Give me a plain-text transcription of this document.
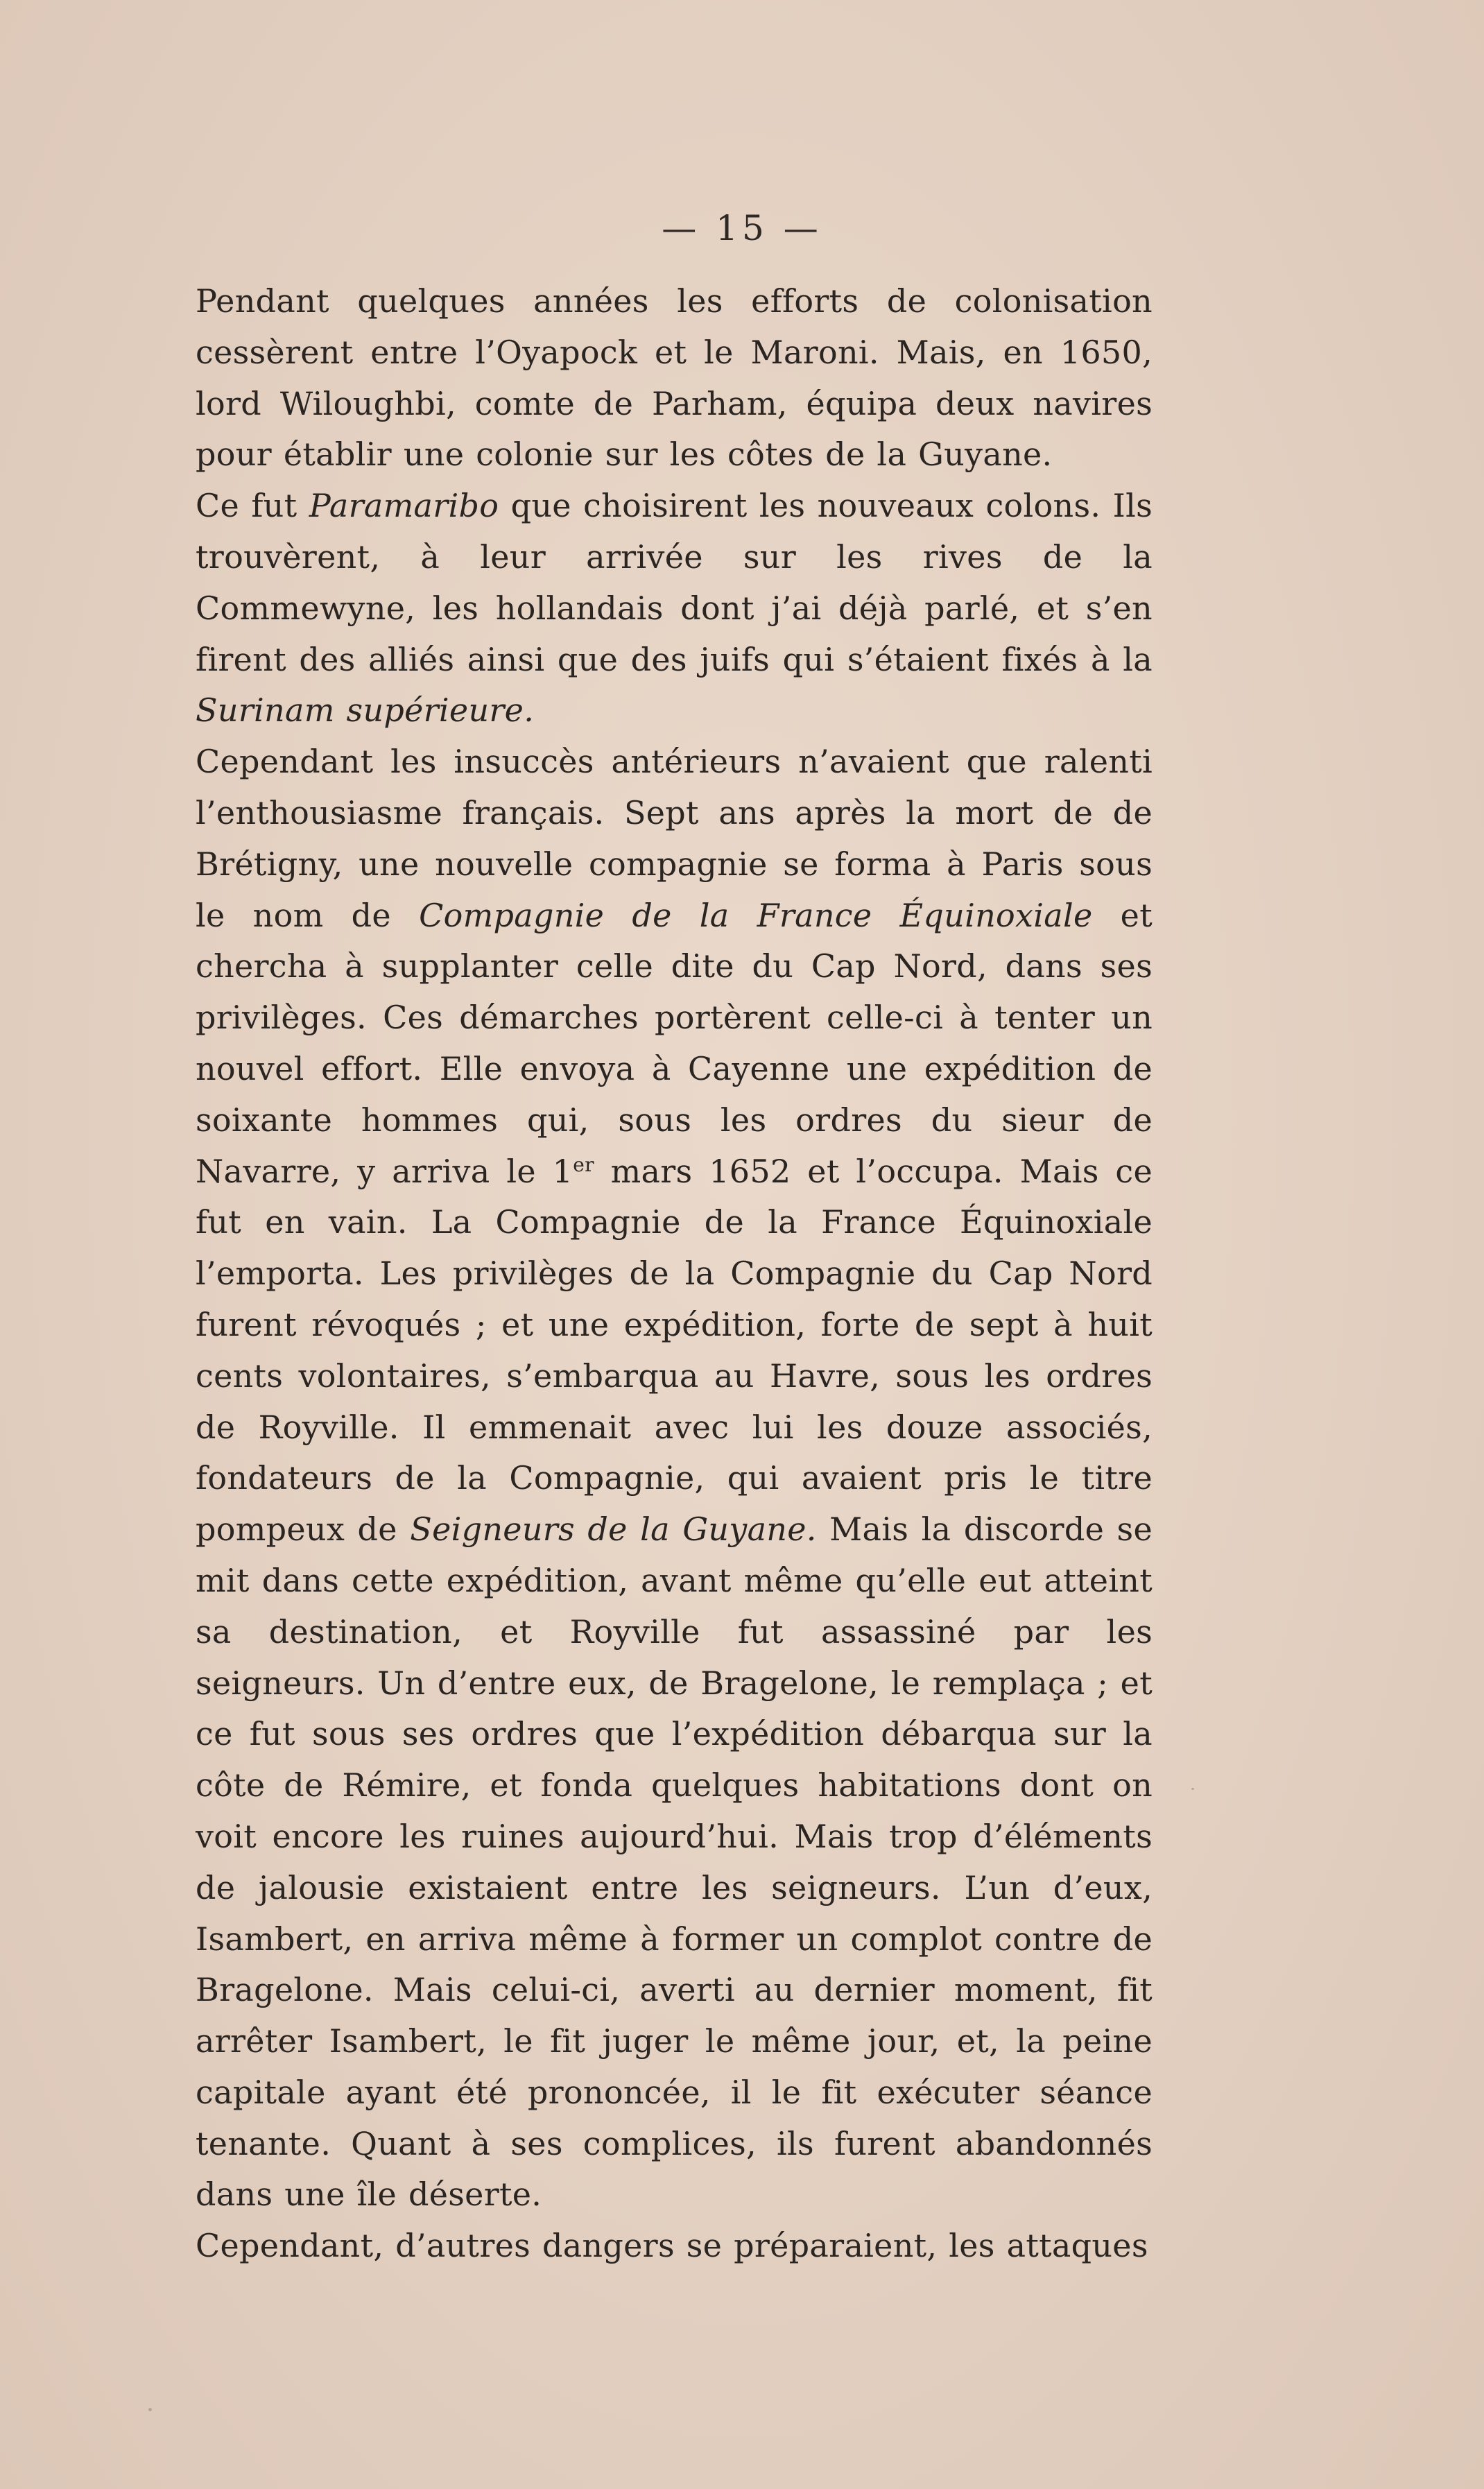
— 15 —

Pendant quelques années les efforts de colonisation cessèrent entre l’Oyapock et le Maroni. Mais, en 1650, lord Wiloughbi, comte de Parham, équipa deux navires pour établir une colonie sur les côtes de la Guyane.

Ce fut Paramaribo que choisirent les nouveaux colons. Ils trouvèrent, à leur arrivée sur les rives de la Commewyne, les hollandais dont j’ai déjà parlé, et s’en firent des alliés ainsi que des juifs qui s’étaient fixés à la Surinam supérieure.

Cependant les insuccès antérieurs n’avaient que ralenti l’enthousiasme français. Sept ans après la mort de de Brétigny, une nouvelle compagnie se forma à Paris sous le nom de Compagnie de la France Équinoxiale et chercha à supplanter celle dite du Cap Nord, dans ses privilèges. Ces démarches portèrent celle-ci à tenter un nouvel effort. Elle envoya à Cayenne une expédition de soixante hommes qui, sous les ordres du sieur de Navarre, y arriva le 1er mars 1652 et l’occupa. Mais ce fut en vain. La Compagnie de la France Équinoxiale l’emporta. Les privilèges de la Compagnie du Cap Nord furent révoqués ; et une expédition, forte de sept à huit cents volontaires, s’embarqua au Havre, sous les ordres de Royville. Il emmenait avec lui les douze associés, fondateurs de la Compagnie, qui avaient pris le titre pompeux de Seigneurs de la Guyane. Mais la discorde se mit dans cette expédition, avant même qu’elle eut atteint sa destination, et Royville fut assassiné par les seigneurs. Un d’entre eux, de Bragelone, le remplaça ; et ce fut sous ses ordres que l’expédition débarqua sur la côte de Rémire, et fonda quelques habitations dont on voit encore les ruines aujourd’hui. Mais trop d’éléments de jalousie existaient entre les seigneurs. L’un d’eux, Isambert, en arriva même à former un complot contre de Bragelone. Mais celui-ci, averti au dernier moment, fit arrêter Isambert, le fit juger le même jour, et, la peine capitale ayant été prononcée, il le fit exécuter séance tenante. Quant à ses complices, ils furent abandonnés dans une île déserte.

Cependant, d’autres dangers se préparaient, les attaques
